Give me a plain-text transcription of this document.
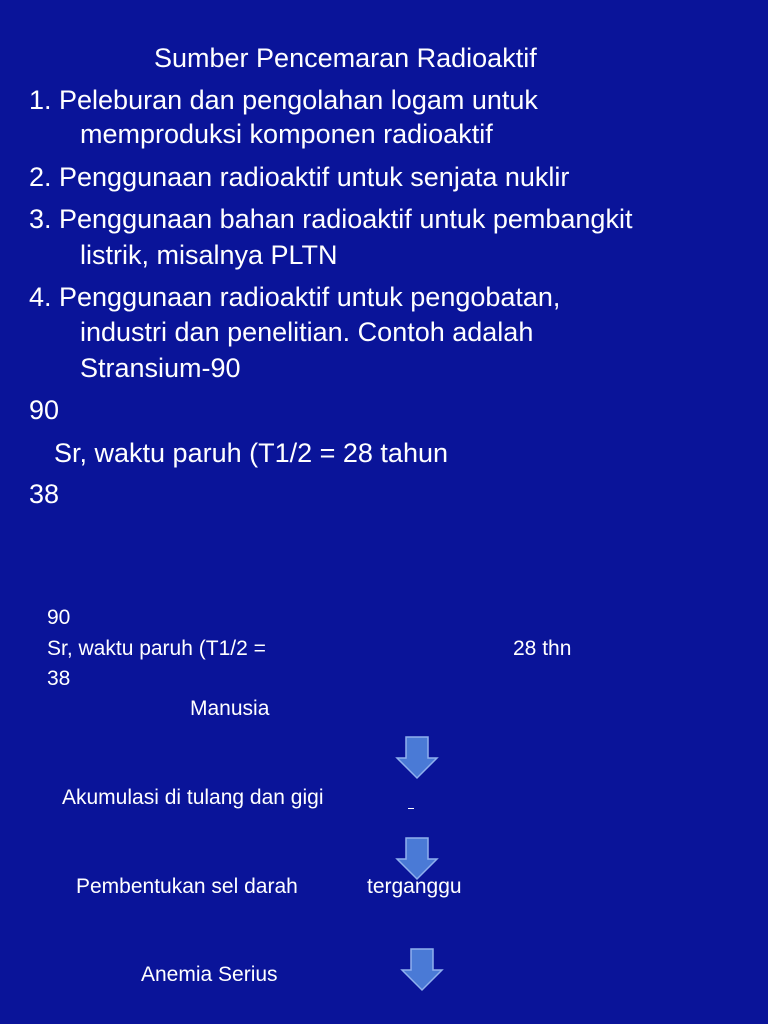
Sumber Pencemaran Radioaktif
1. Peleburan dan pengolahan logam untuk
memproduksi komponen radioaktif
2. Penggunaan radioaktif untuk senjata nuklir
3. Penggunaan bahan radioaktif untuk pembangkit
listrik, misalnya PLTN
4. Penggunaan radioaktif untuk pengobatan,
industri dan penelitian. Contoh adalah
Stransium-90
90
Sr, waktu paruh (T1/2 = 28 tahun
38
90
Sr, waktu paruh (T1/2 =	28 thn
38
Manusia
Akumulasi di tulang dan gigi
Pembentukan sel darah	terganggu
Anemia Serius
